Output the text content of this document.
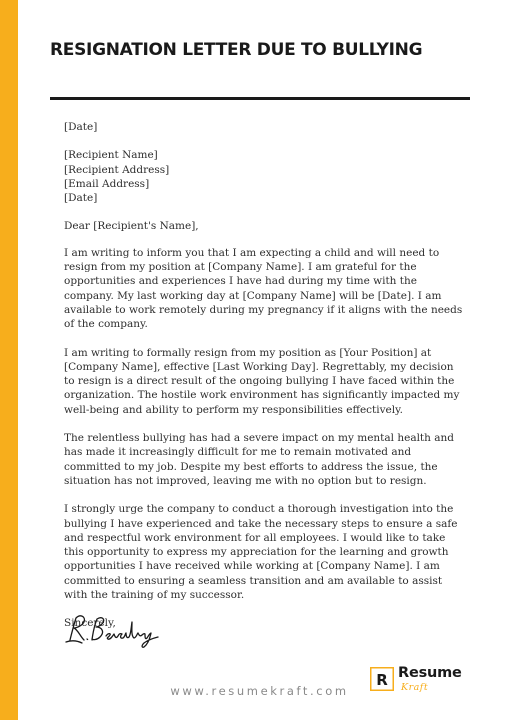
RESIGNATION LETTER DUE TO BULLYING

[Date]

[Recipient Name]

[Recipient Address]

[Email Address]

[Date]

Dear [Recipient's Name],

I am writing to inform you that I am expecting a child and will need to resign from my position at [Company Name]. I am grateful for the opportunities and experiences I have had during my time with the company. My last working day at [Company Name] will be [Date]. I am available to work remotely during my pregnancy if it aligns with the needs of the company.

I am writing to formally resign from my position as [Your Position] at [Company Name], effective [Last Working Day]. Regrettably, my decision to resign is a direct result of the ongoing bullying I have faced within the organization. The hostile work environment has significantly impacted my well-being and ability to perform my responsibilities effectively.

The relentless bullying has had a severe impact on my mental health and has made it increasingly difficult for me to remain motivated and committed to my job. Despite my best efforts to address the issue, the situation has not improved, leaving me with no option but to resign.

I strongly urge the company to conduct a thorough investigation into the bullying I have experienced and take the necessary steps to ensure a safe and respectful work environment for all employees. I would like to take this opportunity to express my appreciation for the learning and growth opportunities I have received while working at [Company Name]. I am committed to ensuring a seamless transition and am available to assist with the training of my successor.

Sincerely,

www.resumekraft.com
R Resume
Kraft
